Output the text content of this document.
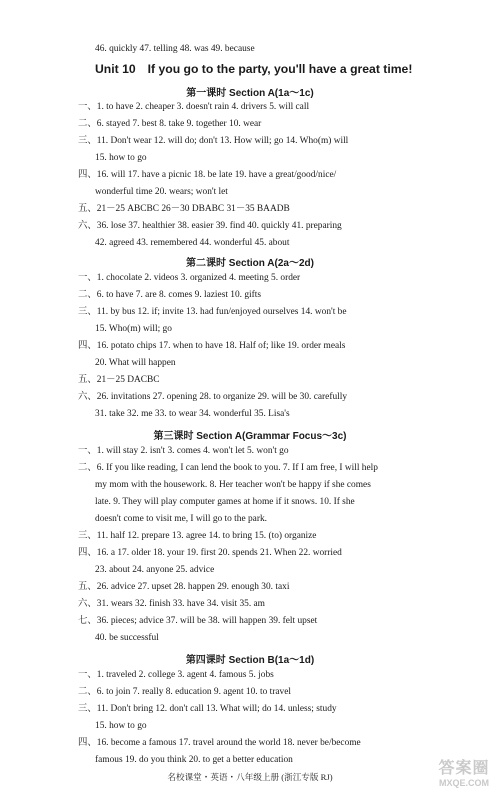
46. quickly 47. telling 48. was 49. because
Unit 10 If you go to the party, you'll have a great time!
第一课时 Section A(1a～1c)
一、1. to have 2. cheaper 3. doesn't rain 4. drivers 5. will call
二、6. stayed 7. best 8. take 9. together 10. wear
三、11. Don't wear 12. will do; don't 13. How will; go 14. Who(m) will
15. how to go
四、16. will 17. have a picnic 18. be late 19. have a great/good/nice/
wonderful time 20. wears; won't let
五、21－25 ABCBC 26－30 DBABC 31－35 BAADB
六、36. lose 37. healthier 38. easier 39. find 40. quickly 41. preparing
42. agreed 43. remembered 44. wonderful 45. about
第二课时 Section A(2a～2d)
一、1. chocolate 2. videos 3. organized 4. meeting 5. order
二、6. to have 7. are 8. comes 9. laziest 10. gifts
三、11. by bus 12. if; invite 13. had fun/enjoyed ourselves 14. won't be
15. Who(m) will; go
四、16. potato chips 17. when to have 18. Half of; like 19. order meals
20. What will happen
五、21－25 DACBC
六、26. invitations 27. opening 28. to organize 29. will be 30. carefully
31. take 32. me 33. to wear 34. wonderful 35. Lisa's
第三课时 Section A(Grammar Focus～3c)
一、1. will stay 2. isn't 3. comes 4. won't let 5. won't go
二、6. If you like reading, I can lend the book to you. 7. If I am free, I will help
my mom with the housework. 8. Her teacher won't be happy if she comes
late. 9. They will play computer games at home if it snows. 10. If she
doesn't come to visit me, I will go to the park.
三、11. half 12. prepare 13. agree 14. to bring 15. (to) organize
四、16. a 17. older 18. your 19. first 20. spends 21. When 22. worried
23. about 24. anyone 25. advice
五、26. advice 27. upset 28. happen 29. enough 30. taxi
六、31. wears 32. finish 33. have 34. visit 35. am
七、36. pieces; advice 37. will be 38. will happen 39. felt upset
40. be successful
第四课时 Section B(1a～1d)
一、1. traveled 2. college 3. agent 4. famous 5. jobs
二、6. to join 7. really 8. education 9. agent 10. to travel
三、11. Don't bring 12. don't call 13. What will; do 14. unless; study
15. how to go
四、16. become a famous 17. travel around the world 18. never be/become
famous 19. do you think 20. to get a better education
名校课堂・英语・八年级上册 (浙江专版 RJ)	答案圈
MXQE.COM
